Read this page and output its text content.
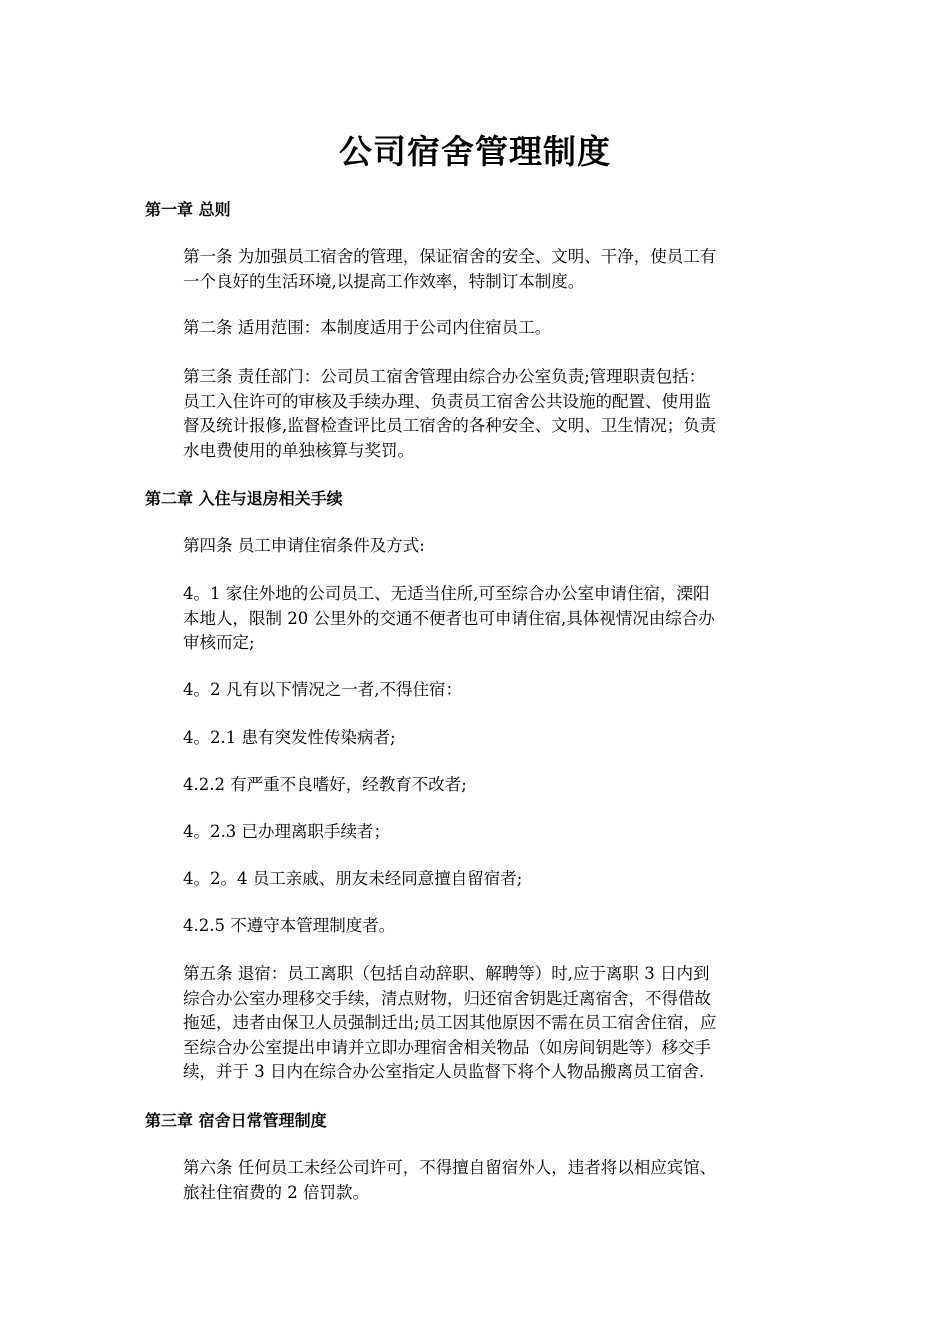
公司宿舍管理制度
第一章 总则
第一条 为加强员工宿舍的管理，保证宿舍的安全、文明、干净，使员工有
一个良好的生活环境,以提高工作效率，特制订本制度。
第二条 适用范围：本制度适用于公司内住宿员工。
第三条 责任部门：公司员工宿舍管理由综合办公室负责;管理职责包括：
员工入住许可的审核及手续办理、负责员工宿舍公共设施的配置、使用监
督及统计报修,监督检查评比员工宿舍的各种安全、文明、卫生情况；负责
水电费使用的单独核算与奖罚。
第二章 入住与退房相关手续
第四条 员工申请住宿条件及方式:
4。1 家住外地的公司员工、无适当住所,可至综合办公室申请住宿，溧阳
本地人，限制 20 公里外的交通不便者也可申请住宿,具体视情况由综合办
审核而定;
4。2 凡有以下情况之一者,不得住宿：
4。2.1 患有突发性传染病者;
4.2.2 有严重不良嗜好，经教育不改者;
4。2.3 已办理离职手续者；
4。2。4 员工亲戚、朋友未经同意擅自留宿者;
4.2.5 不遵守本管理制度者。
第五条 退宿：员工离职（包括自动辞职、解聘等）时,应于离职 3 日内到
综合办公室办理移交手续，清点财物，归还宿舍钥匙迁离宿舍，不得借故
拖延，违者由保卫人员强制迁出;员工因其他原因不需在员工宿舍住宿，应
至综合办公室提出申请并立即办理宿舍相关物品（如房间钥匙等）移交手
续，并于 3 日内在综合办公室指定人员监督下将个人物品搬离员工宿舍.
第三章 宿舍日常管理制度
第六条 任何员工未经公司许可，不得擅自留宿外人，违者将以相应宾馆、
旅社住宿费的 2 倍罚款。
